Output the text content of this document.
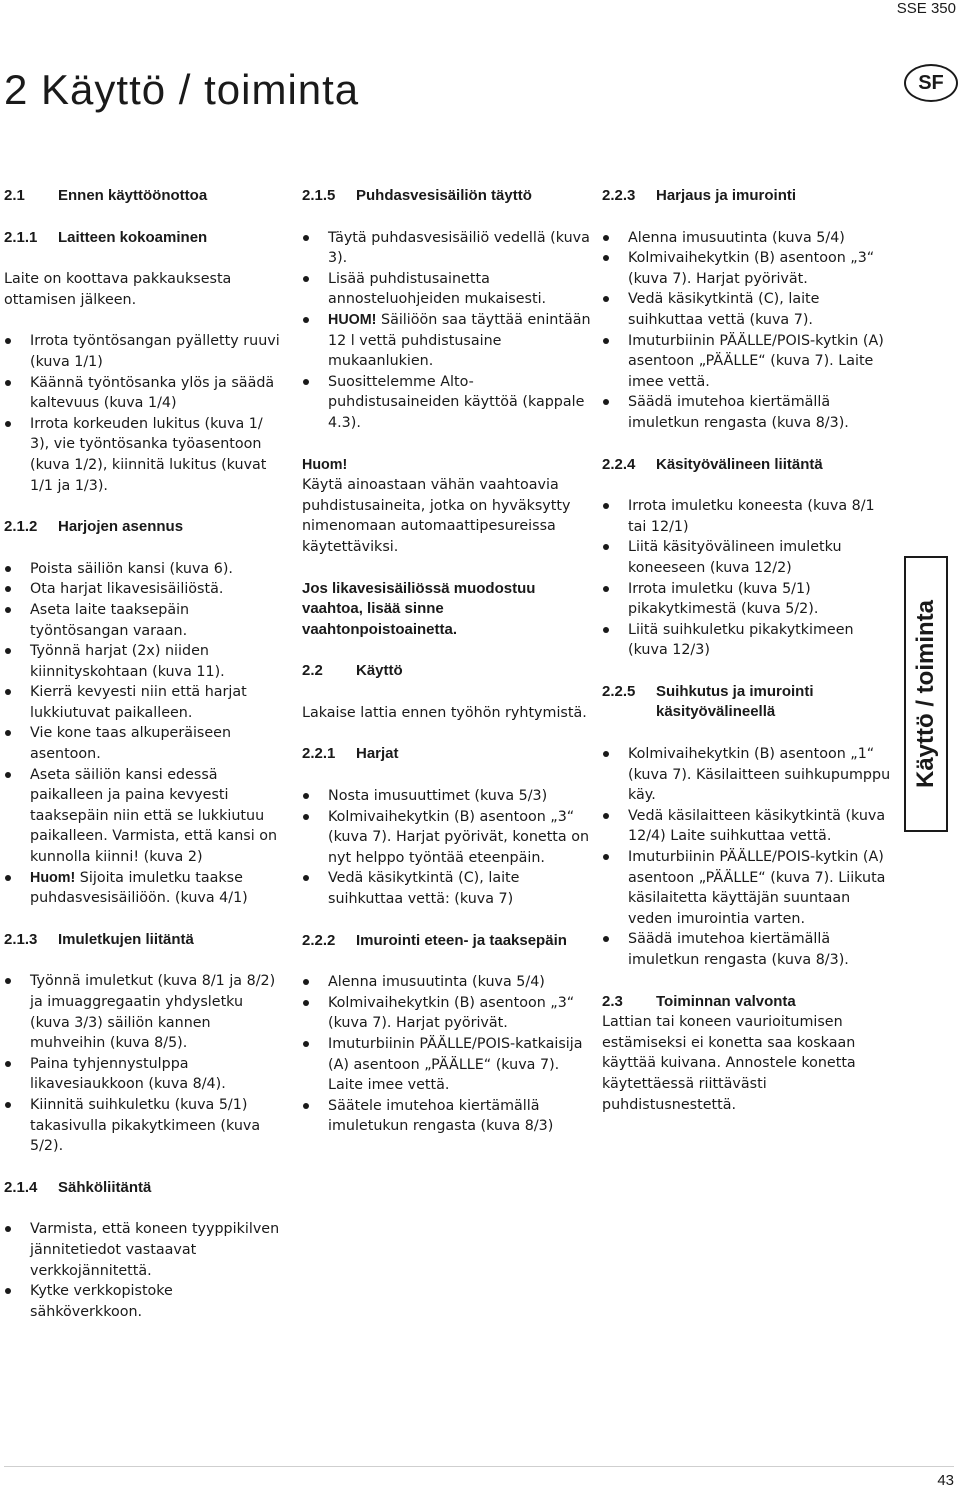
SSE 350
2 Käyttö / toiminta	SF
2.1	Ennen käyttöönottoa
2.1.1	Laitteen kokoaminen

Laite on koottava pakkauksesta ottamisen jälkeen.

Irrota työntösangan pyälletty ruuvi (kuva 1/1)
Käännä työntösanka ylös ja säädä kaltevuus (kuva 1/4)
Irrota korkeuden lukitus (kuva 1/ 3), vie työntösanka työasentoon (kuva 1/2), kiinnitä lukitus (kuvat 1/1 ja 1/3).
2.1.2	Harjojen asennus
Poista säiliön kansi (kuva 6).
Ota harjat likavesisäiliöstä.
Aseta laite taaksepäin työntösangan varaan.
Työnnä harjat (2x) niiden kiinnityskohtaan (kuva 11).
Kierrä kevyesti niin että harjat lukkiutuvat paikalleen.
Vie kone taas alkuperäiseen asentoon.
Aseta säiliön kansi edessä paikalleen ja paina kevyesti taaksepäin niin että se lukkiutuu paikalleen. Varmista, että kansi on kunnolla kiinni! (kuva 2)
Huom! Sijoita imuletku taakse puhdasvesisäiliöön. (kuva 4/1)
2.1.3	Imuletkujen liitäntä
Työnnä imuletkut (kuva 8/1 ja 8/2) ja imuaggregaatin yhdysletku (kuva 3/3) säiliön kannen muhveihin (kuva 8/5).
Paina tyhjennystulppa likavesiaukkoon (kuva 8/4).
Kiinnitä suihkuletku (kuva 5/1) takasivulla pikakytkimeen (kuva 5/2).
2.1.4	Sähköliitäntä
Varmista, että koneen tyyppikilven jännitetiedot vastaavat verkkojännitettä.
Kytke verkkopistoke sähköverkkoon.
2.1.5	Puhdasvesisäiliön täyttö
Täytä puhdasvesisäiliö vedellä (kuva 3).
Lisää puhdistusainetta annosteluohjeiden mukaisesti.
HUOM! Säiliöön saa täyttää enintään 12 l vettä puhdistusaine mukaanlukien.
Suosittelemme Alto-puhdistusaineiden käyttöä (kappale 4.3).

Huom!
Käytä ainoastaan vähän vaahtoavia puhdistusaineita, jotka on hyväksytty nimenomaan automaattipesureissa käytettäviksi.

Jos likavesisäiliössä muodostuu vaahtoa, lisää sinne vaahtonpoistoainetta.

2.2	Käyttö

Lakaise lattia ennen työhön ryhtymistä.

2.2.1	Harjat
Nosta imusuuttimet (kuva 5/3)
Kolmivaihekytkin (B) asentoon „3“ (kuva 7). Harjat pyörivät, konetta on nyt helppo työntää eteenpäin.
Vedä käsikytkintä (C), laite suihkuttaa vettä: (kuva 7)
2.2.2	Imurointi eteen- ja taaksepäin
Alenna imusuutinta (kuva 5/4)
Kolmivaihekytkin (B) asentoon „3“ (kuva 7). Harjat pyörivät.
Imuturbiinin PÄÄLLE/POIS-katkaisija (A) asentoon „PÄÄLLE“ (kuva 7). Laite imee vettä.
Säätele imutehoa kiertämällä imuletukun rengasta (kuva 8/3)
2.2.3	Harjaus ja imurointi
Alenna imusuutinta (kuva 5/4)
Kolmivaihekytkin (B) asentoon „3“ (kuva 7). Harjat pyörivät.
Vedä käsikytkintä (C), laite suihkuttaa vettä (kuva 7).
Imuturbiinin PÄÄLLE/POIS-kytkin (A) asentoon „PÄÄLLE“ (kuva 7). Laite imee vettä.
Säädä imutehoa kiertämällä imuletkun rengasta (kuva 8/3).
2.2.4	Käsityövälineen liitäntä
Irrota imuletku koneesta (kuva 8/1 tai 12/1)
Liitä käsityövälineen imuletku koneeseen (kuva 12/2)
Irrota imuletku (kuva 5/1) pikakytkimestä (kuva 5/2).
Liitä suihkuletku pikakytkimeen (kuva 12/3)
2.2.5	Suihkutus ja imurointi käsityövälineellä
Kolmivaihekytkin (B) asentoon „1“ (kuva 7). Käsilaitteen suihkupumppu käy.
Vedä käsilaitteen käsikytkintä (kuva 12/4) Laite suihkuttaa vettä.
Imuturbiinin PÄÄLLE/POIS-kytkin (A) asentoon „PÄÄLLE“ (kuva 7). Liikuta käsilaitetta käyttäjän suuntaan veden imurointia varten.
Säädä imutehoa kiertämällä imuletkun rengasta (kuva 8/3).
2.3	Toiminnan valvonta

Lattian tai koneen vaurioitumisen estämiseksi ei konetta saa koskaan käyttää kuivana. Annostele konetta käytettäessä riittävästi puhdistusnestettä.

Käyttö / toiminta
43
